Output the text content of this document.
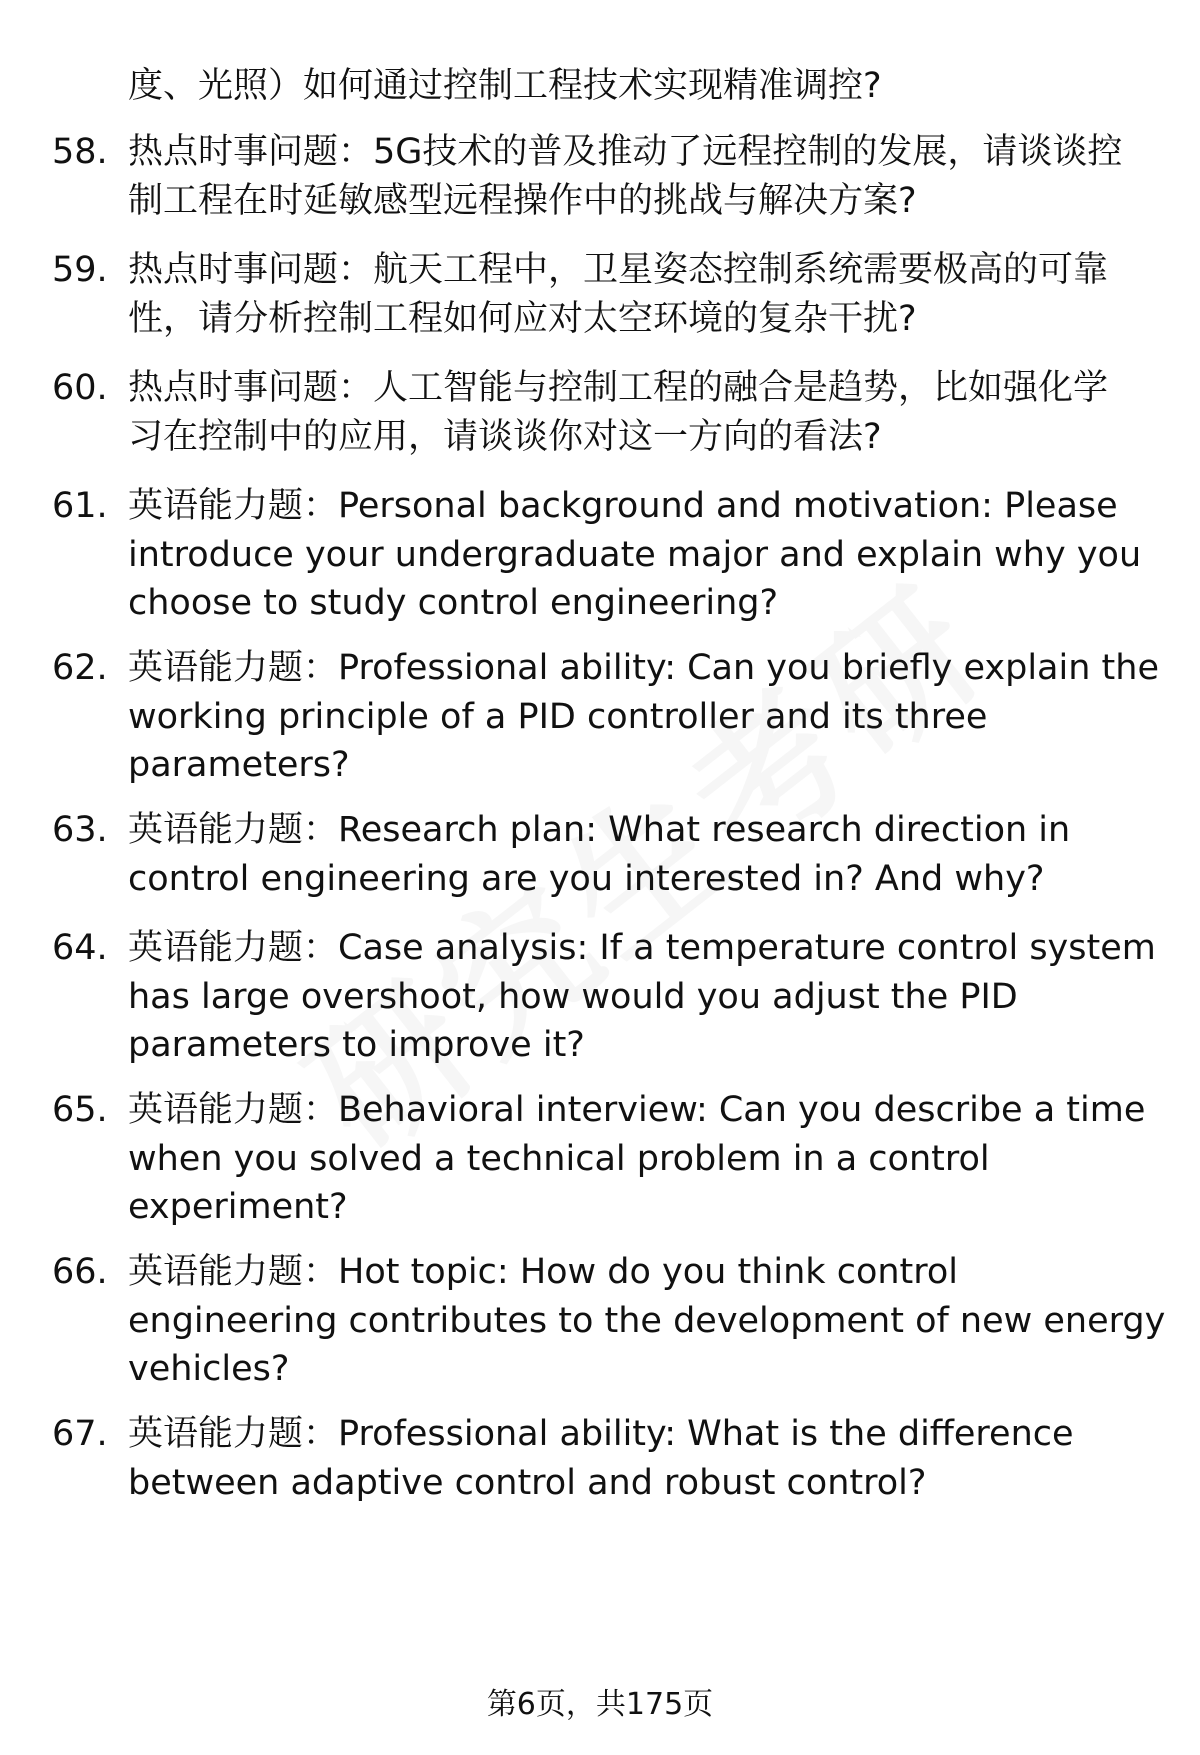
度、光照）如何通过控制工程技术实现精准调控?
58. 热点时事问题：5G技术的普及推动了远程控制的发展，请谈谈控
制工程在时延敏感型远程操作中的挑战与解决方案?
59. 热点时事问题：航天工程中，卫星姿态控制系统需要极高的可靠
性，请分析控制工程如何应对太空环境的复杂干扰?
60. 热点时事问题：人工智能与控制工程的融合是趋势，比如强化学
习在控制中的应用，请谈谈你对这一方向的看法?
61. 英语能力题：Personal background and motivation: Please
introduce your undergraduate major and explain why you
choose to study control engineering?
62. 英语能力题：Professional ability: Can you briefly explain the
working principle of a PID controller and its three
parameters?
63. 英语能力题：Research plan: What research direction in
control engineering are you interested in? And why?
64. 英语能力题：Case analysis: If a temperature control system
has large overshoot, how would you adjust the PID
parameters to improve it?
65. 英语能力题：Behavioral interview: Can you describe a time
when you solved a technical problem in a control
experiment?
66. 英语能力题：Hot topic: How do you think control
engineering contributes to the development of new energy
vehicles?
67. 英语能力题：Professional ability: What is the difference
between adaptive control and robust control?
第6页，共175页
